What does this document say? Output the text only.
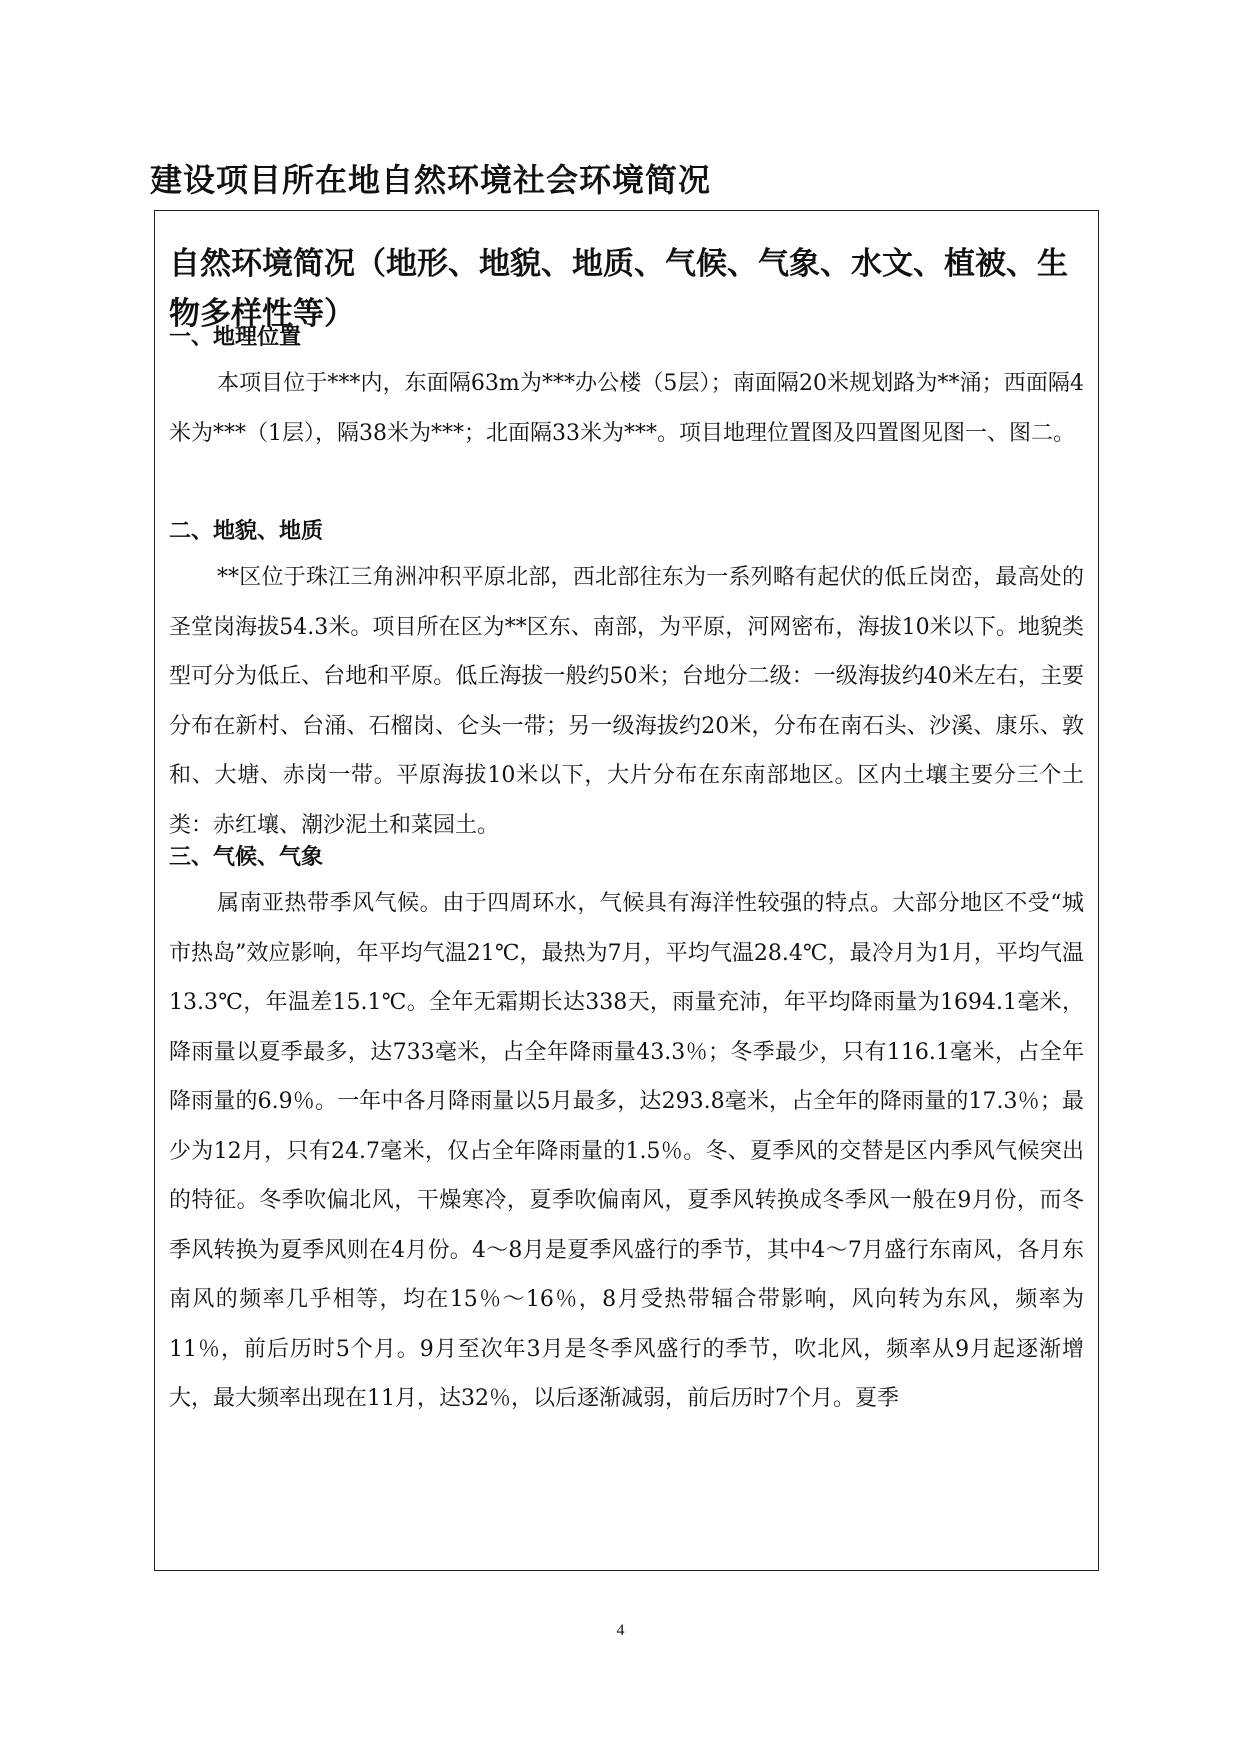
建设项目所在地自然环境社会环境简况
自然环境简况（地形、地貌、地质、气候、气象、水文、植被、生物多样性等）
一、地理位置

本项目位于***内，东面隔63m为***办公楼（5层）；南面隔20米规划路为**涌；西面隔4米为***（1层），隔38米为***；北面隔33米为***。项目地理位置图及四置图见图一、图二。

二、地貌、地质

**区位于珠江三角洲冲积平原北部，西北部往东为一系列略有起伏的低丘岗峦，最高处的圣堂岗海拔54.3米。项目所在区为**区东、南部，为平原，河网密布，海拔10米以下。地貌类型可分为低丘、台地和平原。低丘海拔一般约50米；台地分二级：一级海拔约40米左右，主要分布在新村、台涌、石榴岗、仑头一带；另一级海拔约20米，分布在南石头、沙溪、康乐、敦和、大塘、赤岗一带。平原海拔10米以下，大片分布在东南部地区。区内土壤主要分三个土类：赤红壤、潮沙泥土和菜园土。

三、气候、气象

属南亚热带季风气候。由于四周环水，气候具有海洋性较强的特点。大部分地区不受“城市热岛”效应影响，年平均气温21℃，最热为7月，平均气温28.4℃，最冷月为1月，平均气温13.3℃，年温差15.1℃。全年无霜期长达338天，雨量充沛，年平均降雨量为1694.1毫米，降雨量以夏季最多，达733毫米，占全年降雨量43.3％；冬季最少，只有116.1毫米，占全年降雨量的6.9％。一年中各月降雨量以5月最多，达293.8毫米，占全年的降雨量的17.3％；最少为12月，只有24.7毫米，仅占全年降雨量的1.5％。冬、夏季风的交替是区内季风气候突出的特征。冬季吹偏北风，干燥寒冷，夏季吹偏南风，夏季风转换成冬季风一般在9月份，而冬季风转换为夏季风则在4月份。4～8月是夏季风盛行的季节，其中4～7月盛行东南风，各月东南风的频率几乎相等，均在15％～16％，8月受热带辐合带影响，风向转为东风，频率为11％，前后历时5个月。9月至次年3月是冬季风盛行的季节，吹北风，频率从9月起逐渐增大，最大频率出现在11月，达32％，以后逐渐减弱，前后历时7个月。夏季

4
